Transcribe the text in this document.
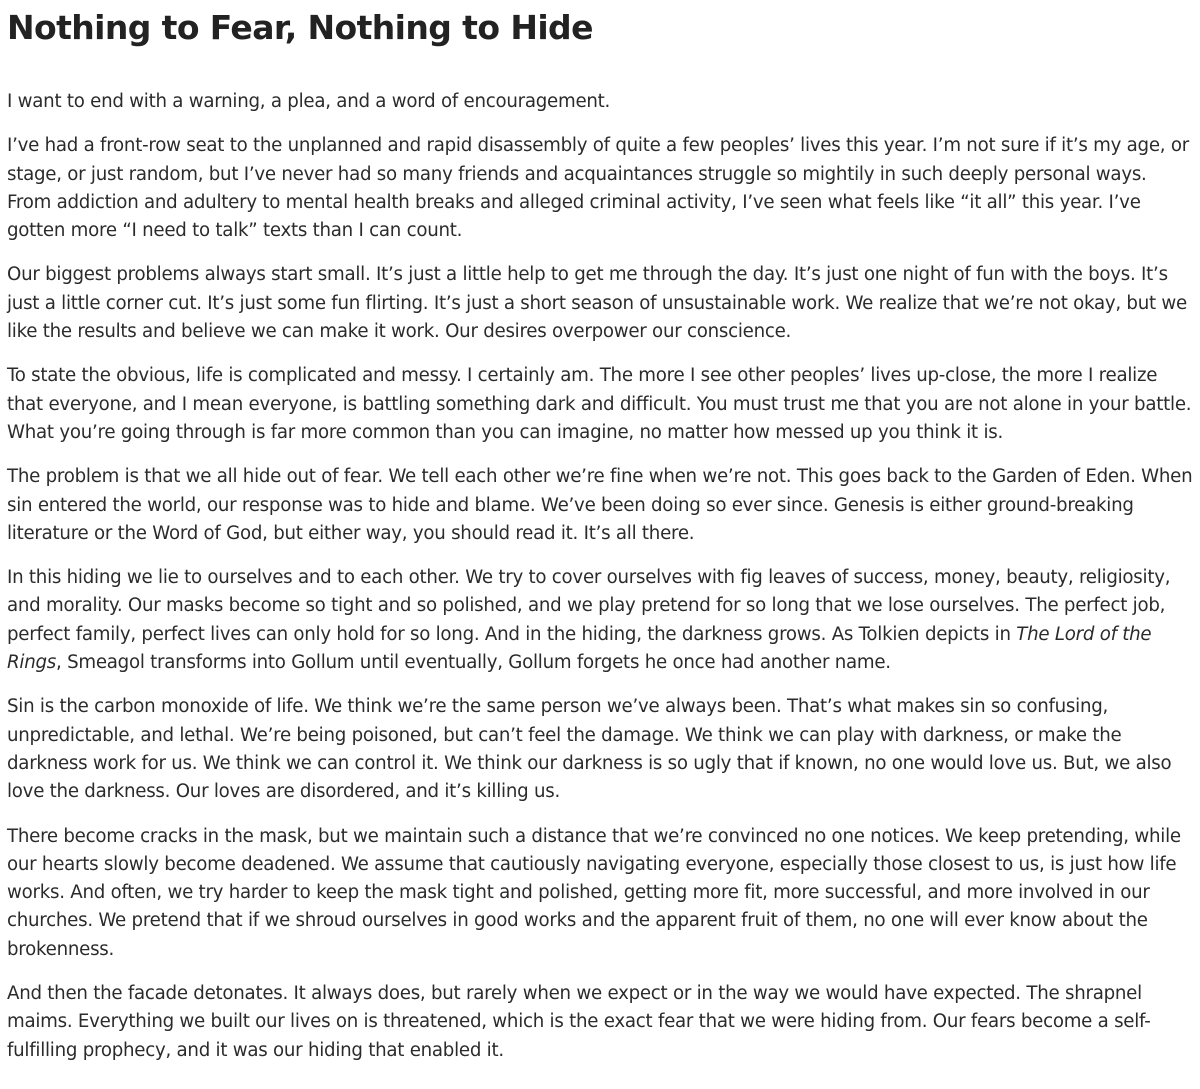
Nothing to Fear, Nothing to Hide

I want to end with a warning, a plea, and a word of encouragement.

I’ve had a front-row seat to the unplanned and rapid disassembly of quite a few peoples’ lives this year. I’m not sure if it’s my age, or stage, or just random, but I’ve never had so many friends and acquaintances struggle so mightily in such deeply personal ways. From addiction and adultery to mental health breaks and alleged criminal activity, I’ve seen what feels like “it all” this year. I’ve gotten more “I need to talk” texts than I can count.

Our biggest problems always start small. It’s just a little help to get me through the day. It’s just one night of fun with the boys. It’s just a little corner cut. It’s just some fun flirting. It’s just a short season of unsustainable work. We realize that we’re not okay, but we like the results and believe we can make it work. Our desires overpower our conscience.

To state the obvious, life is complicated and messy. I certainly am. The more I see other peoples’ lives up-close, the more I realize that everyone, and I mean everyone, is battling something dark and difficult. You must trust me that you are not alone in your battle. What you’re going through is far more common than you can imagine, no matter how messed up you think it is.

The problem is that we all hide out of fear. We tell each other we’re fine when we’re not. This goes back to the Garden of Eden. When sin entered the world, our response was to hide and blame. We’ve been doing so ever since. Genesis is either ground-breaking literature or the Word of God, but either way, you should read it. It’s all there.

In this hiding we lie to ourselves and to each other. We try to cover ourselves with fig leaves of success, money, beauty, religiosity, and morality. Our masks become so tight and so polished, and we play pretend for so long that we lose ourselves. The perfect job, perfect family, perfect lives can only hold for so long. And in the hiding, the darkness grows. As Tolkien depicts in The Lord of the Rings, Smeagol transforms into Gollum until eventually, Gollum forgets he once had another name.

Sin is the carbon monoxide of life. We think we’re the same person we’ve always been. That’s what makes sin so confusing, unpredictable, and lethal. We’re being poisoned, but can’t feel the damage. We think we can play with darkness, or make the darkness work for us. We think we can control it. We think our darkness is so ugly that if known, no one would love us. But, we also love the darkness. Our loves are disordered, and it’s killing us.

There become cracks in the mask, but we maintain such a distance that we’re convinced no one notices. We keep pretending, while our hearts slowly become deadened. We assume that cautiously navigating everyone, especially those closest to us, is just how life works. And often, we try harder to keep the mask tight and polished, getting more fit, more successful, and more involved in our churches. We pretend that if we shroud ourselves in good works and the apparent fruit of them, no one will ever know about the brokenness.

And then the facade detonates. It always does, but rarely when we expect or in the way we would have expected. The shrapnel maims. Everything we built our lives on is threatened, which is the exact fear that we were hiding from. Our fears become a self-fulfilling prophecy, and it was our hiding that enabled it.
